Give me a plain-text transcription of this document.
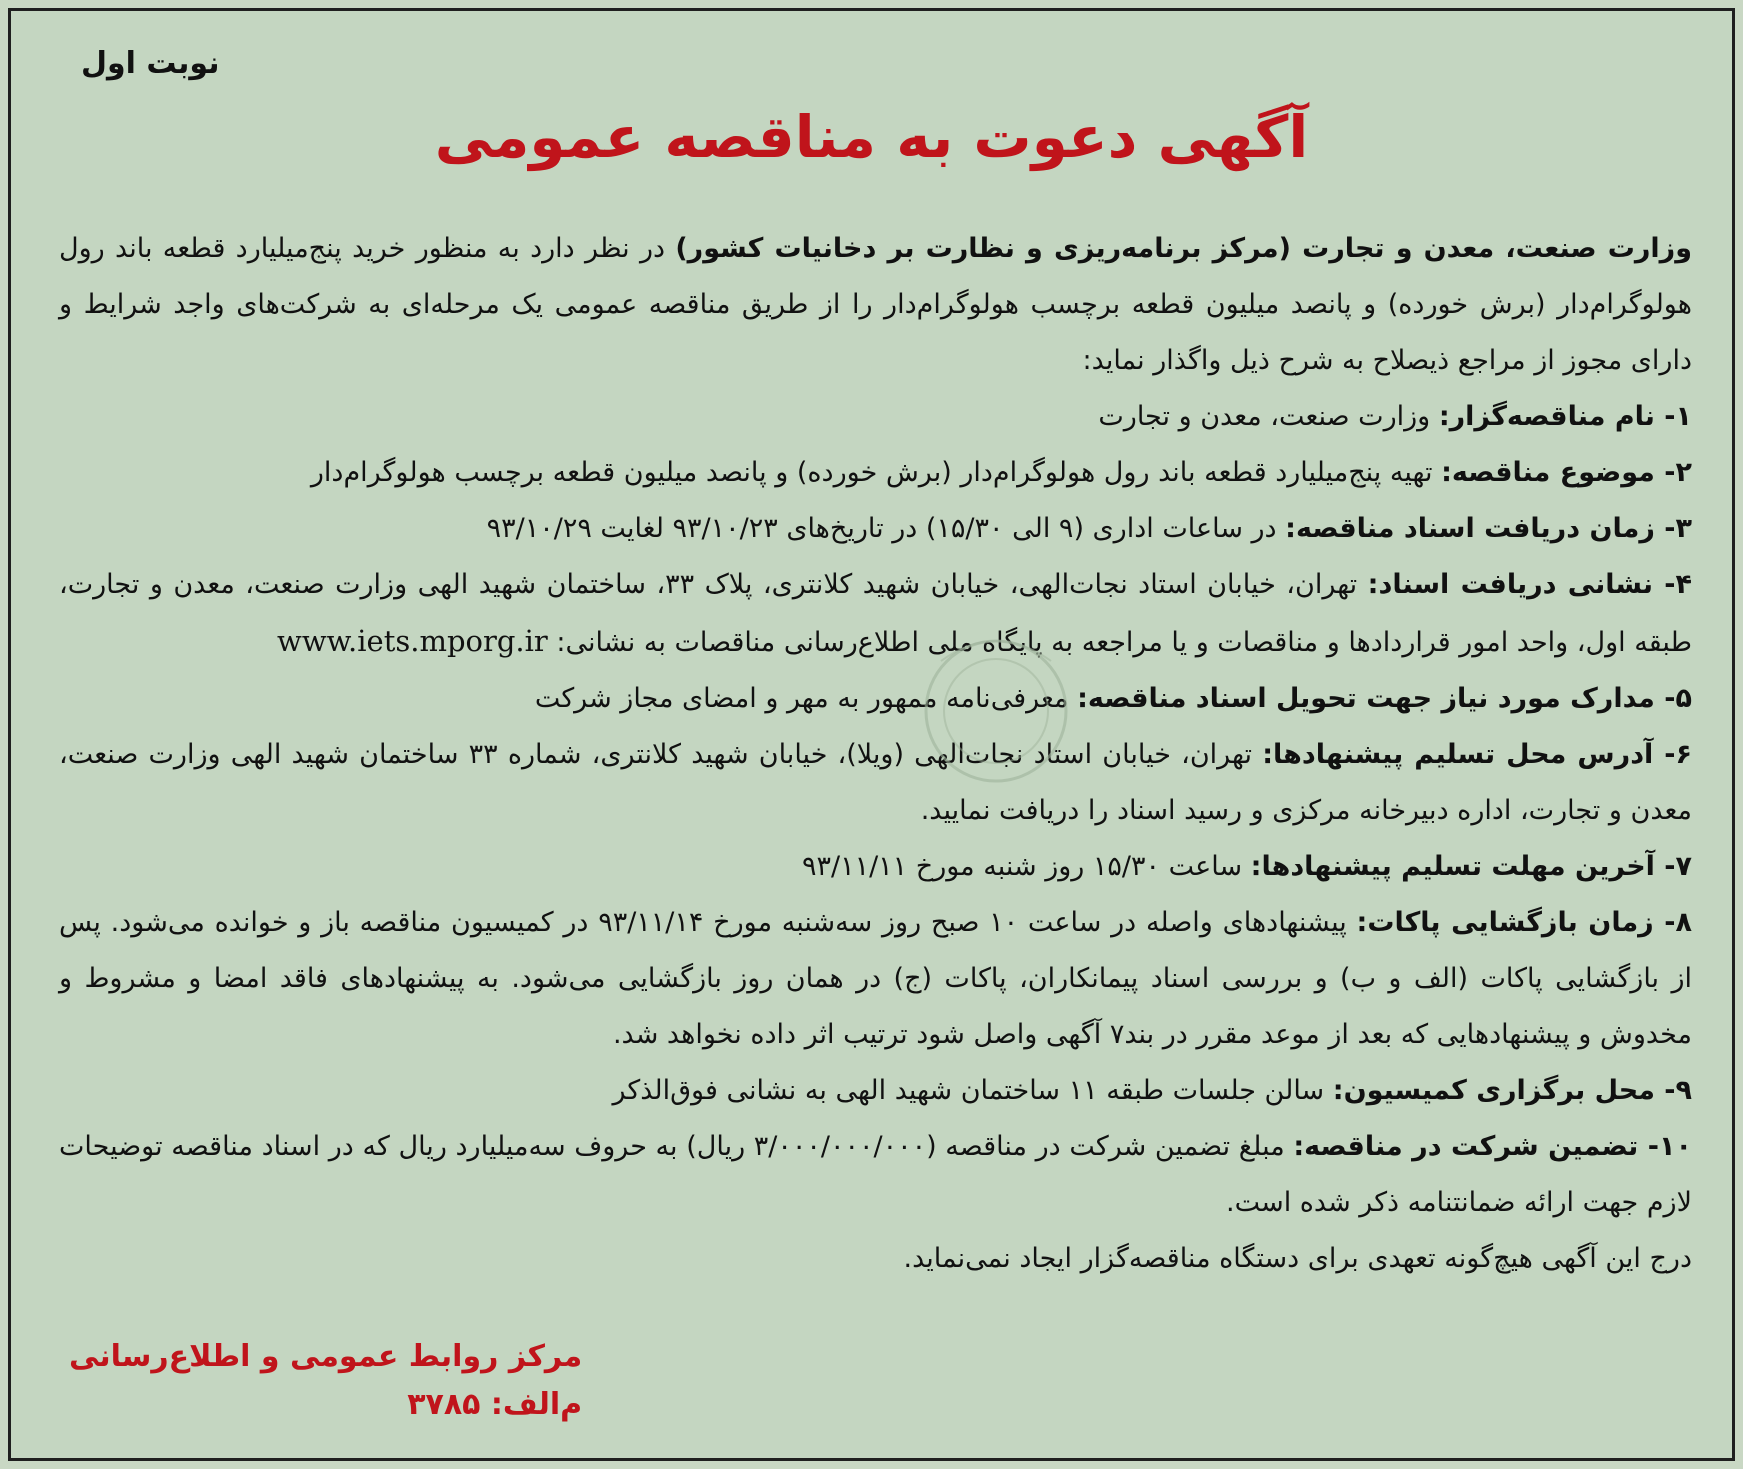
نوبت اول
آگهی دعوت به مناقصه عمومی

وزارت صنعت، معدن و تجارت (مرکز برنامه‌ریزی و نظارت بر دخانیات کشور) در نظر دارد به منظور خرید پنج‌میلیارد قطعه باند رول هولوگرام‌دار (برش خورده) و پانصد میلیون قطعه برچسب هولوگرام‌دار را از طریق مناقصه عمومی یک مرحله‌ای به شرکت‌های واجد شرایط و دارای مجوز از مراجع ذیصلاح به شرح ذیل واگذار نماید:

۱- نام مناقصه‌گزار: وزارت صنعت، معدن و تجارت

۲- موضوع مناقصه: تهیه پنج‌میلیارد قطعه باند رول هولوگرام‌دار (برش خورده) و پانصد میلیون قطعه برچسب هولوگرام‌دار

۳- زمان دریافت اسناد مناقصه: در ساعات اداری (۹ الی ۱۵/۳۰) در تاریخ‌های ۹۳/۱۰/۲۳ لغایت ۹۳/۱۰/۲۹

۴- نشانی دریافت اسناد: تهران، خیابان استاد نجات‌الهی، خیابان شهید کلانتری، پلاک ۳۳، ساختمان شهید الهی وزارت صنعت، معدن و تجارت، طبقه اول، واحد امور قراردادها و مناقصات و یا مراجعه به پایگاه ملی اطلاع‌رسانی مناقصات به نشانی: www.iets.mporg.ir

۵- مدارک مورد نیاز جهت تحویل اسناد مناقصه: معرفی‌نامه ممهور به مهر و امضای مجاز شرکت

۶- آدرس محل تسلیم پیشنهادها: تهران، خیابان استاد نجات‌الهی (ویلا)، خیابان شهید کلانتری، شماره ۳۳ ساختمان شهید الهی وزارت صنعت، معدن و تجارت، اداره دبیرخانه مرکزی و رسید اسناد را دریافت نمایید.

۷- آخرین مهلت تسلیم پیشنهادها: ساعت ۱۵/۳۰ روز شنبه مورخ ۹۳/۱۱/۱۱

۸- زمان بازگشایی پاکات: پیشنهادهای واصله در ساعت ۱۰ صبح روز سه‌شنبه مورخ ۹۳/۱۱/۱۴ در کمیسیون مناقصه باز و خوانده می‌شود. پس از بازگشایی پاکات (الف و ب) و بررسی اسناد پیمانکاران، پاکات (ج) در همان روز بازگشایی می‌شود. به پیشنهادهای فاقد امضا و مشروط و مخدوش و پیشنهادهایی که بعد از موعد مقرر در بند۷ آگهی واصل شود ترتیب اثر داده نخواهد شد.

۹- محل برگزاری کمیسیون: سالن جلسات طبقه ۱۱ ساختمان شهید الهی به نشانی فوق‌الذکر

۱۰- تضمین شرکت در مناقصه: مبلغ تضمین شرکت در مناقصه (۳/۰۰۰/۰۰۰/۰۰۰ ریال) به حروف سه‌میلیارد ریال که در اسناد مناقصه توضیحات لازم جهت ارائه ضمانتنامه ذکر شده است.

درج این آگهی هیچ‌گونه تعهدی برای دستگاه مناقصه‌گزار ایجاد نمی‌نماید.

مرکز روابط عمومی و اطلاع‌رسانی
م‌الف: ۳۷۸۵
